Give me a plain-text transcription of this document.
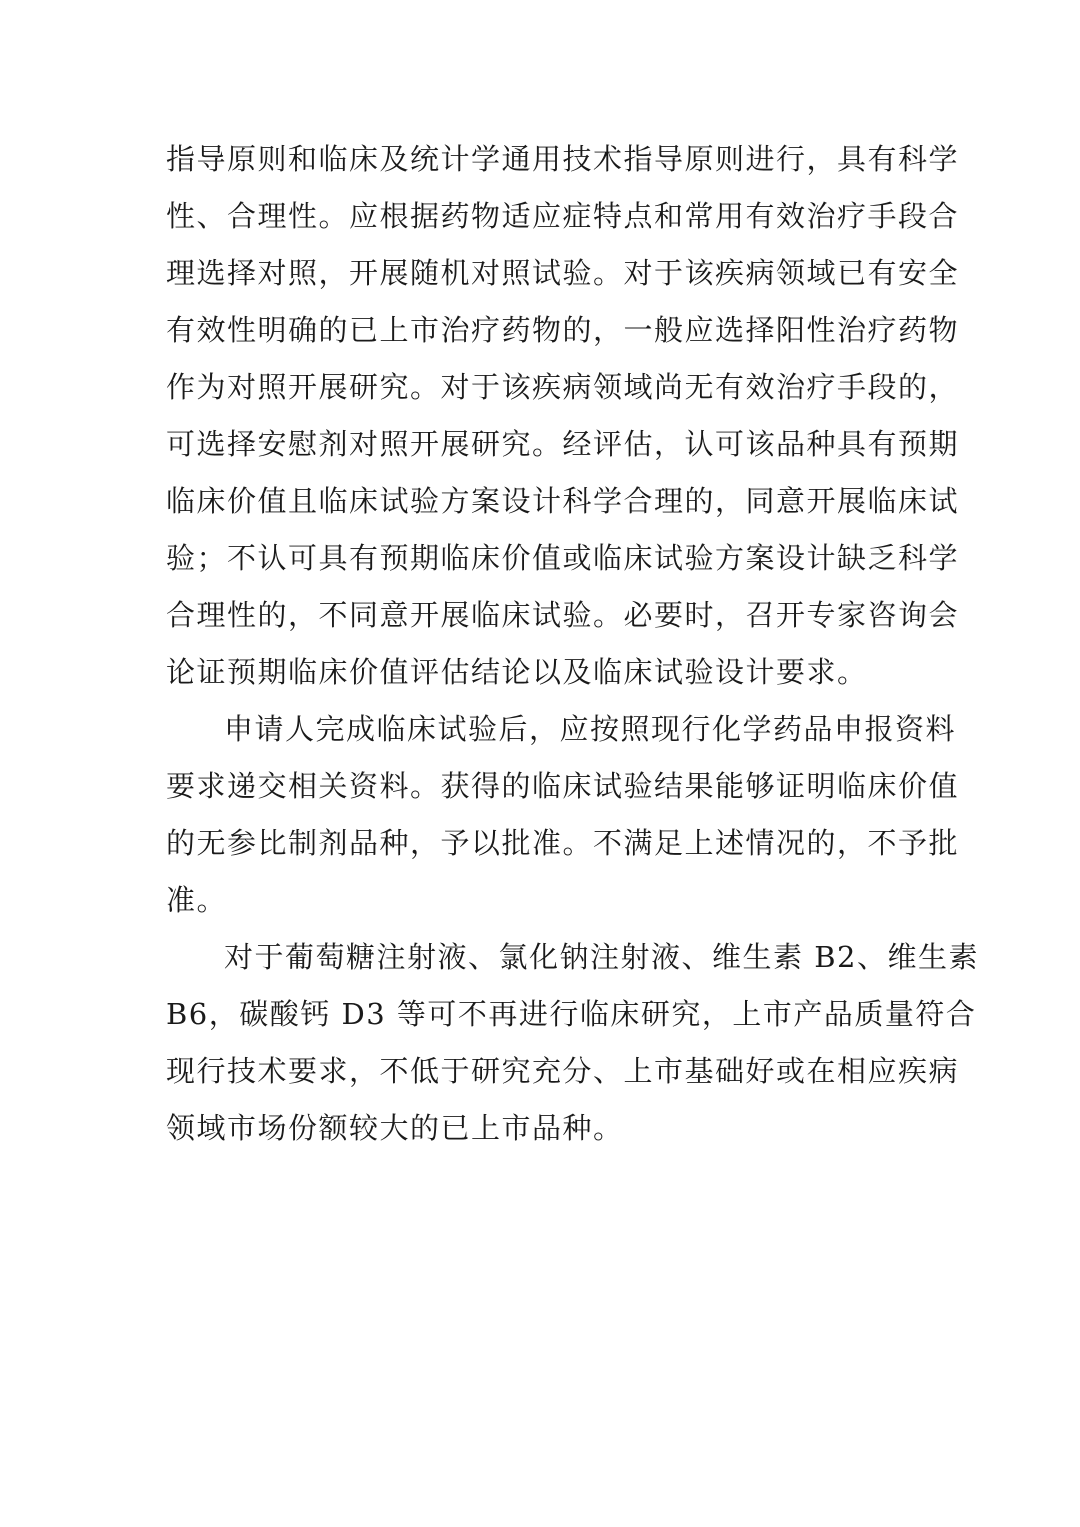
指导原则和临床及统计学通用技术指导原则进行，具有科学
性、合理性。应根据药物适应症特点和常用有效治疗手段合
理选择对照，开展随机对照试验。对于该疾病领域已有安全
有效性明确的已上市治疗药物的，一般应选择阳性治疗药物
作为对照开展研究。对于该疾病领域尚无有效治疗手段的，
可选择安慰剂对照开展研究。经评估，认可该品种具有预期
临床价值且临床试验方案设计科学合理的，同意开展临床试
验；不认可具有预期临床价值或临床试验方案设计缺乏科学
合理性的，不同意开展临床试验。必要时，召开专家咨询会
论证预期临床价值评估结论以及临床试验设计要求。
申请人完成临床试验后，应按照现行化学药品申报资料
要求递交相关资料。获得的临床试验结果能够证明临床价值
的无参比制剂品种，予以批准。不满足上述情况的，不予批
准。
对于葡萄糖注射液、氯化钠注射液、维生素 B2、维生素
B6，碳酸钙 D3 等可不再进行临床研究，上市产品质量符合
现行技术要求，不低于研究充分、上市基础好或在相应疾病
领域市场份额较大的已上市品种。
